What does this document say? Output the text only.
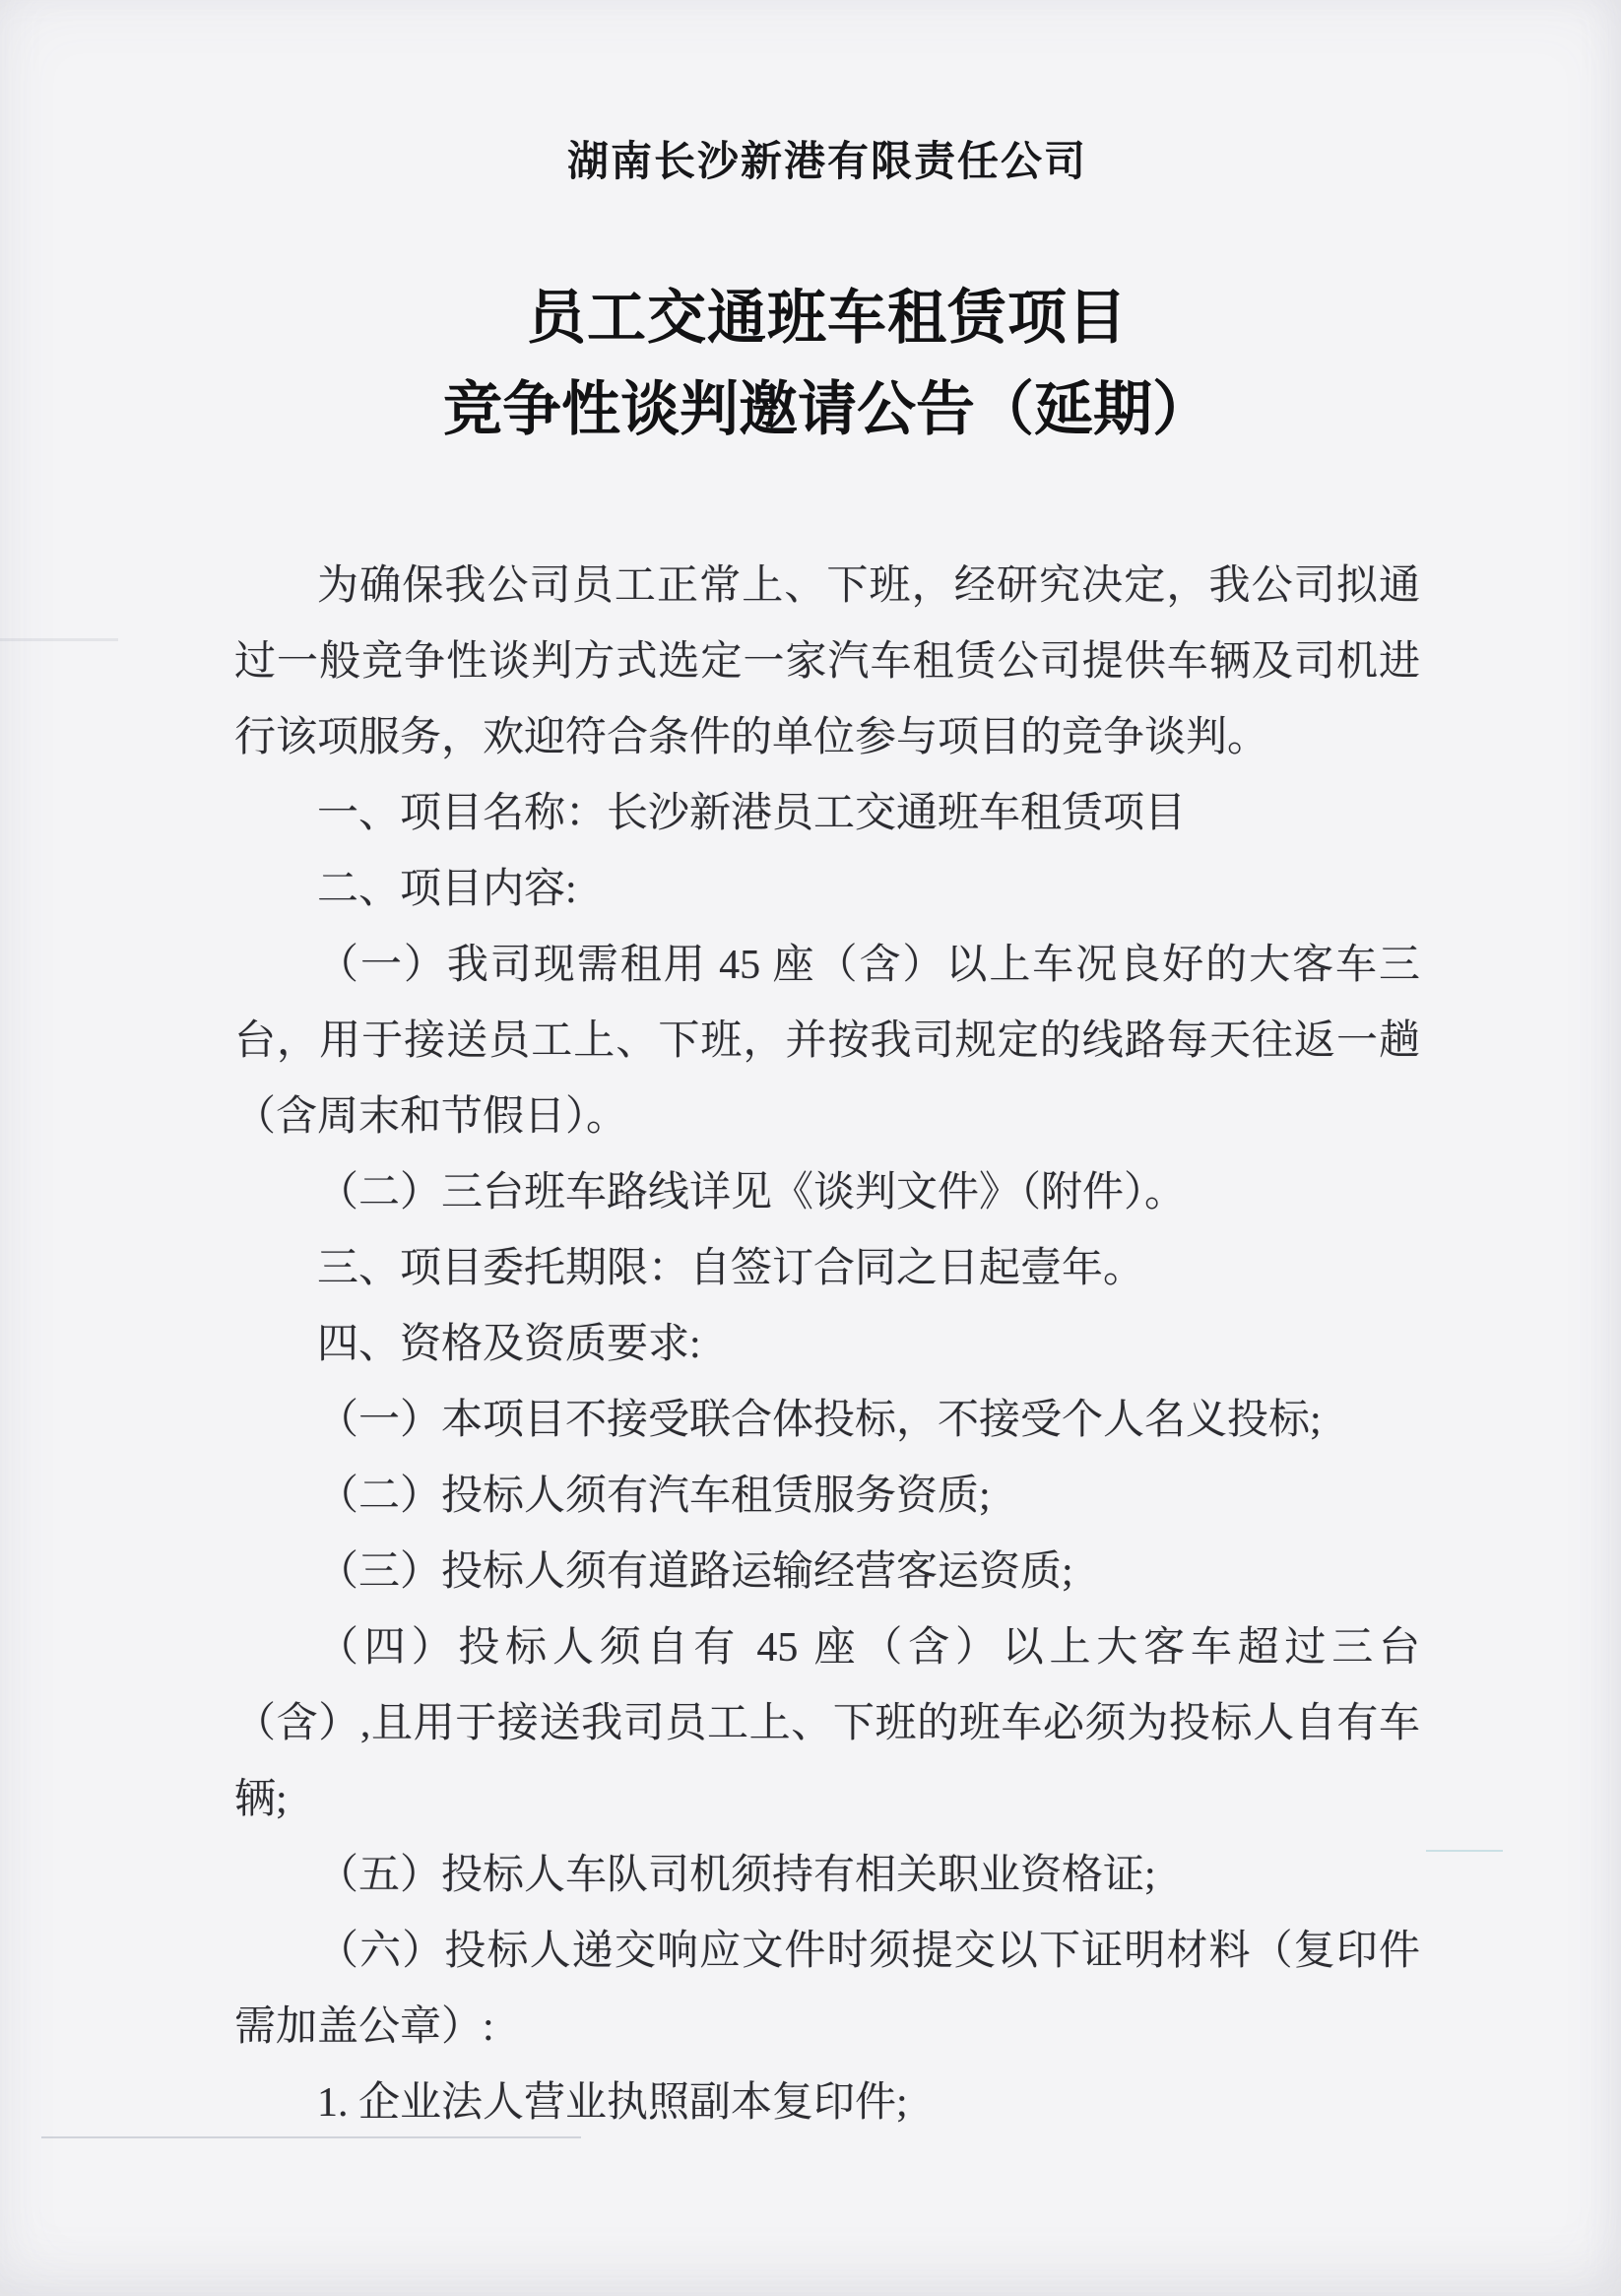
湖南长沙新港有限责任公司
员工交通班车租赁项目
竞争性谈判邀请公告（延期）

为确保我公司员工正常上、下班，经研究决定，我公司拟通过一般竞争性谈判方式选定一家汽车租赁公司提供车辆及司机进行该项服务，欢迎符合条件的单位参与项目的竞争谈判。

一、项目名称：长沙新港员工交通班车租赁项目

二、项目内容:

（一）我司现需租用 45 座（含）以上车况良好的大客车三台，用于接送员工上、下班，并按我司规定的线路每天往返一趟（含周末和节假日）。

（二）三台班车路线详见《谈判文件》（附件）。

三、项目委托期限：自签订合同之日起壹年。

四、资格及资质要求:

（一）本项目不接受联合体投标，不接受个人名义投标;

（二）投标人须有汽车租赁服务资质;

（三）投标人须有道路运输经营客运资质;

（四）投标人须自有 45 座（含）以上大客车超过三台（含）,且用于接送我司员工上、下班的班车必须为投标人自有车辆;

（五）投标人车队司机须持有相关职业资格证;

（六）投标人递交响应文件时须提交以下证明材料（复印件需加盖公章）:

1. 企业法人营业执照副本复印件;
